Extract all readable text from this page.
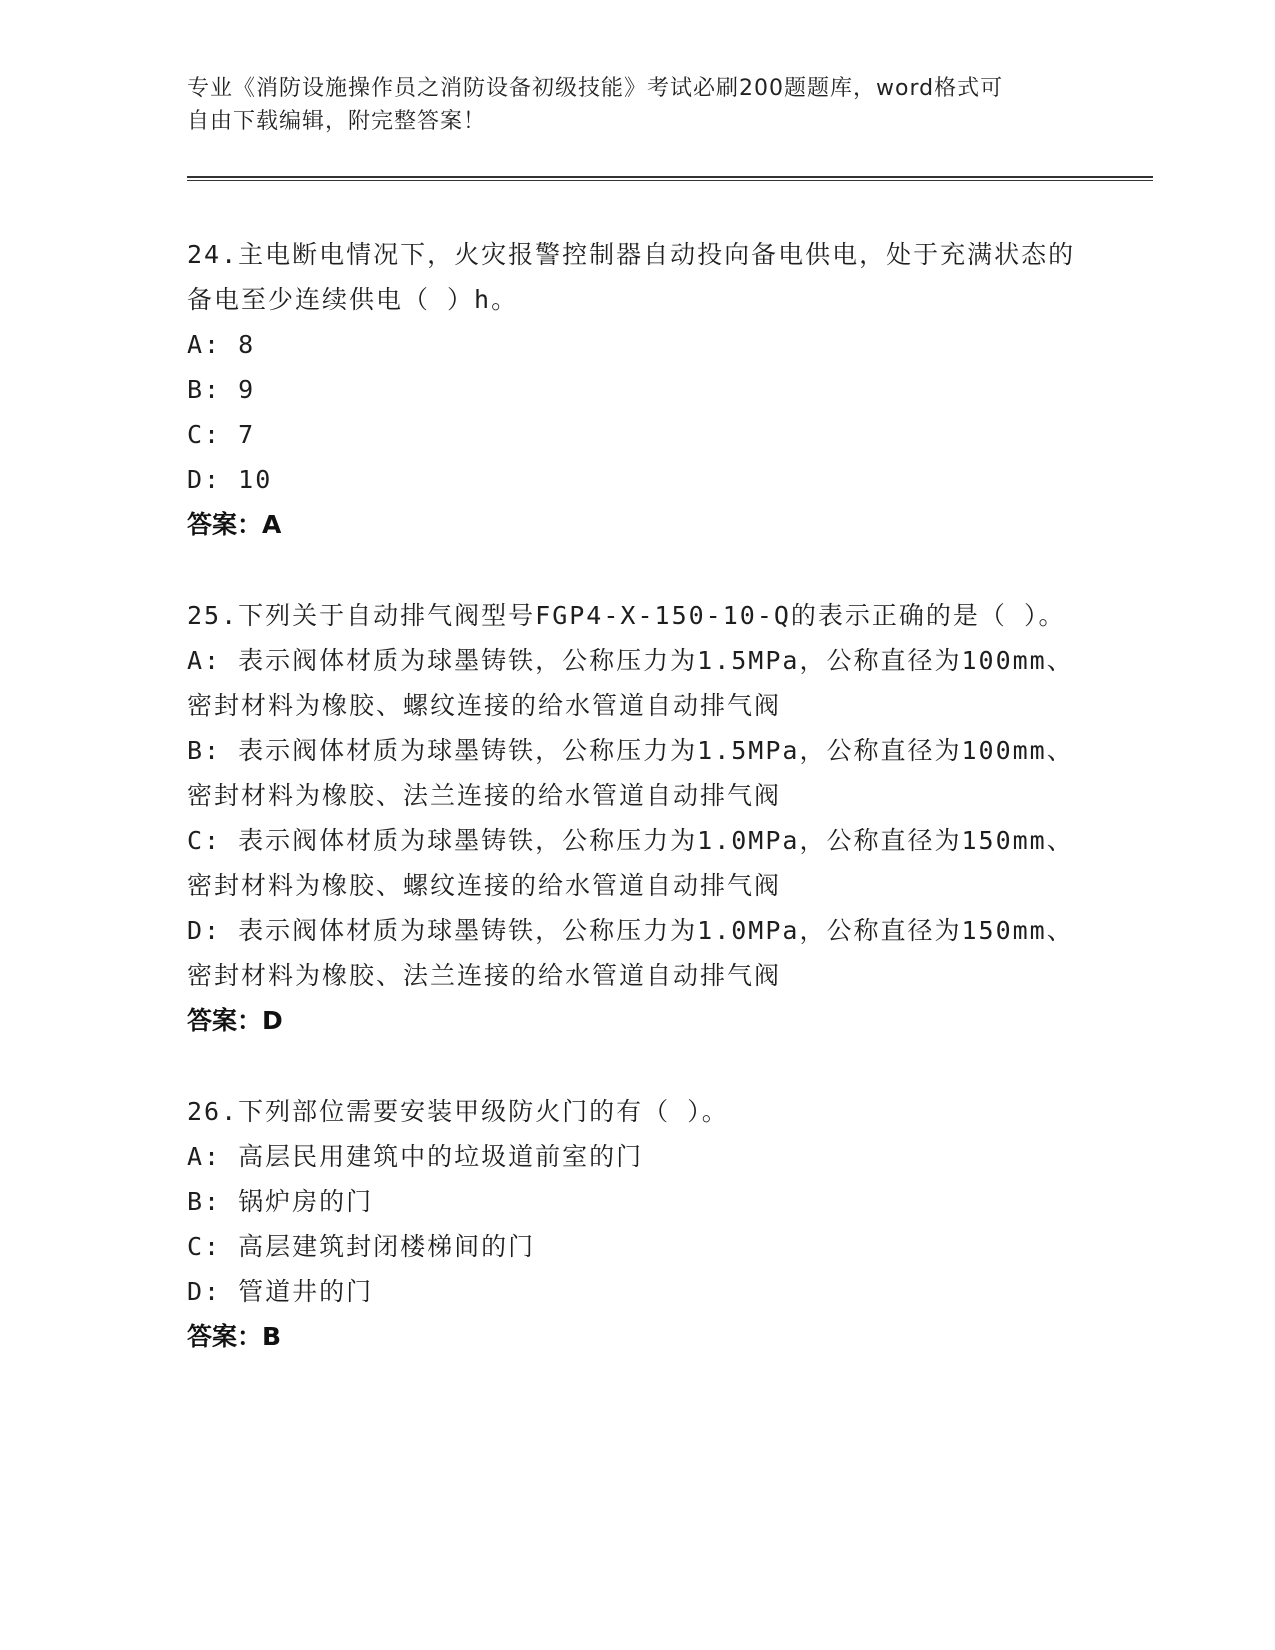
专业《消防设施操作员之消防设备初级技能》考试必刷200题题库，word格式可
自由下载编辑，附完整答案！
24.主电断电情况下，火灾报警控制器自动投向备电供电，处于充满状态的备电至少连续供电（ ）h。
A: 8
B: 9
C: 7
D: 10
答案：A
25.下列关于自动排气阀型号FGP4-X-150-10-Q的表示正确的是（ ）。
A: 表示阀体材质为球墨铸铁，公称压力为1.5MPa，公称直径为100mm、密封材料为橡胶、螺纹连接的给水管道自动排气阀
B: 表示阀体材质为球墨铸铁，公称压力为1.5MPa，公称直径为100mm、密封材料为橡胶、法兰连接的给水管道自动排气阀
C: 表示阀体材质为球墨铸铁，公称压力为1.0MPa，公称直径为150mm、密封材料为橡胶、螺纹连接的给水管道自动排气阀
D: 表示阀体材质为球墨铸铁，公称压力为1.0MPa，公称直径为150mm、密封材料为橡胶、法兰连接的给水管道自动排气阀
答案：D
26.下列部位需要安装甲级防火门的有（ ）。
A: 高层民用建筑中的垃圾道前室的门
B: 锅炉房的门
C: 高层建筑封闭楼梯间的门
D: 管道井的门
答案：B
